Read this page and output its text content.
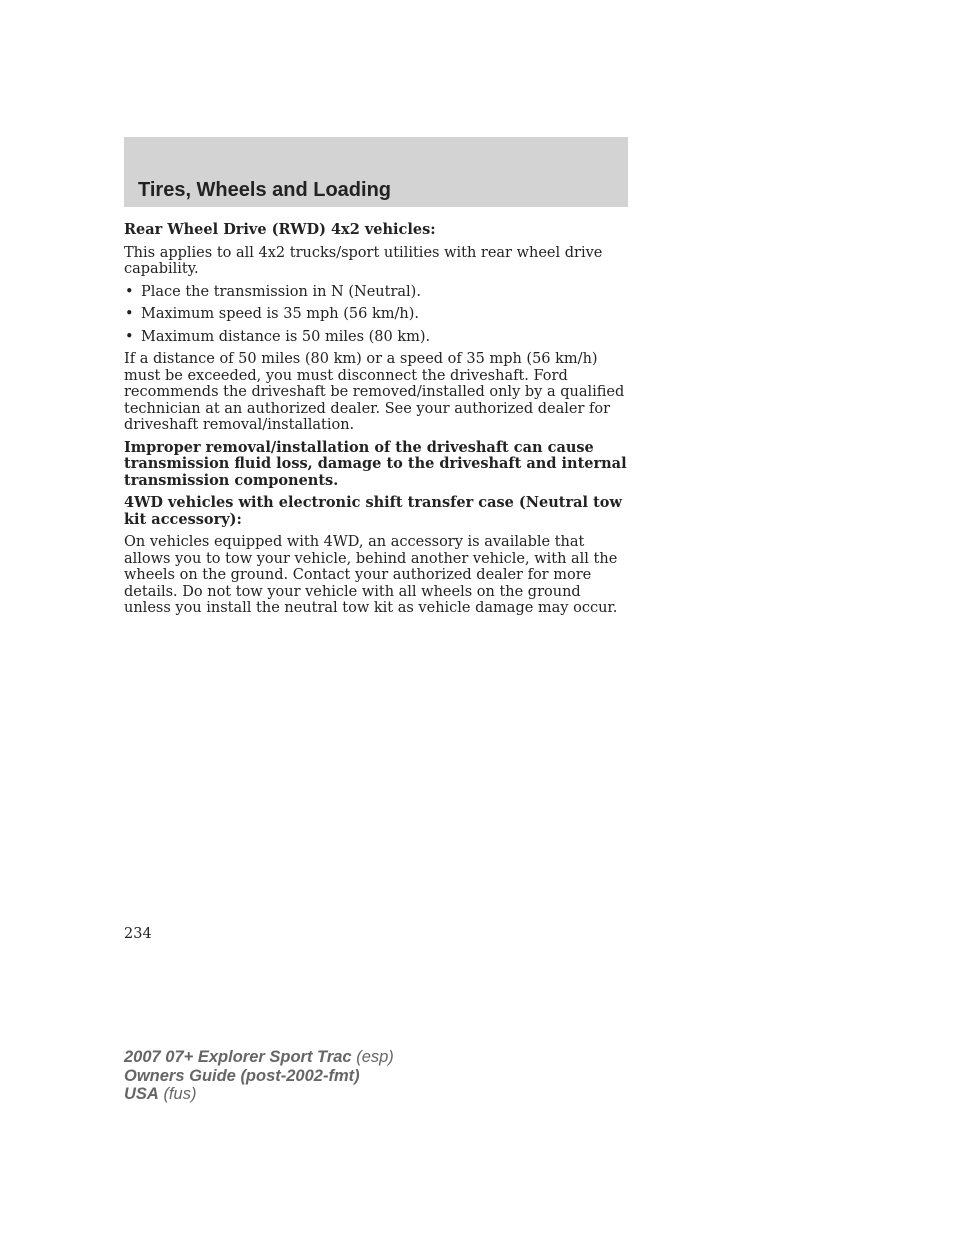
Tires, Wheels and Loading

Rear Wheel Drive (RWD) 4x2 vehicles:

This applies to all 4x2 trucks/sport utilities with rear wheel drive capability.

• Place the transmission in N (Neutral).
• Maximum speed is 35 mph (56 km/h).
• Maximum distance is 50 miles (80 km).

If a distance of 50 miles (80 km) or a speed of 35 mph (56 km/h) must be exceeded, you must disconnect the driveshaft. Ford recommends the driveshaft be removed/installed only by a qualified technician at an authorized dealer. See your authorized dealer for driveshaft removal/installation.

Improper removal/installation of the driveshaft can cause transmission fluid loss, damage to the driveshaft and internal transmission components.

4WD vehicles with electronic shift transfer case (Neutral tow kit accessory):

On vehicles equipped with 4WD, an accessory is available that allows you to tow your vehicle, behind another vehicle, with all the wheels on the ground. Contact your authorized dealer for more details. Do not tow your vehicle with all wheels on the ground unless you install the neutral tow kit as vehicle damage may occur.

234
2007 07+ Explorer Sport Trac (esp)
Owners Guide (post-2002-fmt)
USA (fus)
